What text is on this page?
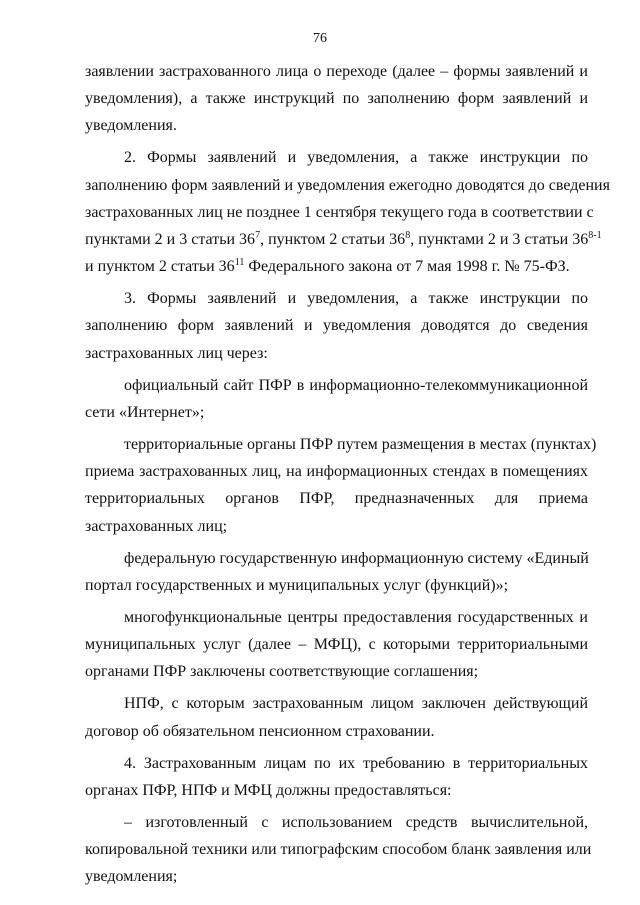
76
заявлении застрахованного лица о переходе (далее – формы заявлений и
уведомления), а также инструкций по заполнению форм заявлений и
уведомления.
2. Формы заявлений и уведомления, а также инструкции по
заполнению форм заявлений и уведомления ежегодно доводятся до сведения
застрахованных лиц не позднее 1 сентября текущего года в соответствии с
пунктами 2 и 3 статьи $36^7$, пунктом 2 статьи $36^8$, пунктами 2 и 3 статьи 36$^{8-1}$
и пунктом 2 статьи $36^{11}$ Федерального закона от 7 мая 1998 г. № 75-ФЗ.
3. Формы заявлений и уведомления, а также инструкции по
заполнению форм заявлений и уведомления доводятся до сведения
застрахованных лиц через:
официальный сайт ПФР в информационно-телекоммуникационной
сети «Интернет»;
территориальные органы ПФР путем размещения в местах (пунктах)
приема застрахованных лиц, на информационных стендах в помещениях
территориальных органов ПФР, предназначенных для приема
застрахованных лиц;
федеральную государственную информационную систему «Единый
портал государственных и муниципальных услуг (функций)»;
многофункциональные центры предоставления государственных и
муниципальных услуг (далее – МФЦ), с которыми территориальными
органами ПФР заключены соответствующие соглашения;
НПФ, с которым застрахованным лицом заключен действующий
договор об обязательном пенсионном страховании.
4. Застрахованным лицам по их требованию в территориальных
органах ПФР, НПФ и МФЦ должны предоставляться:
– изготовленный с использованием средств вычислительной,
копировальной техники или типографским способом бланк заявления или
уведомления;
